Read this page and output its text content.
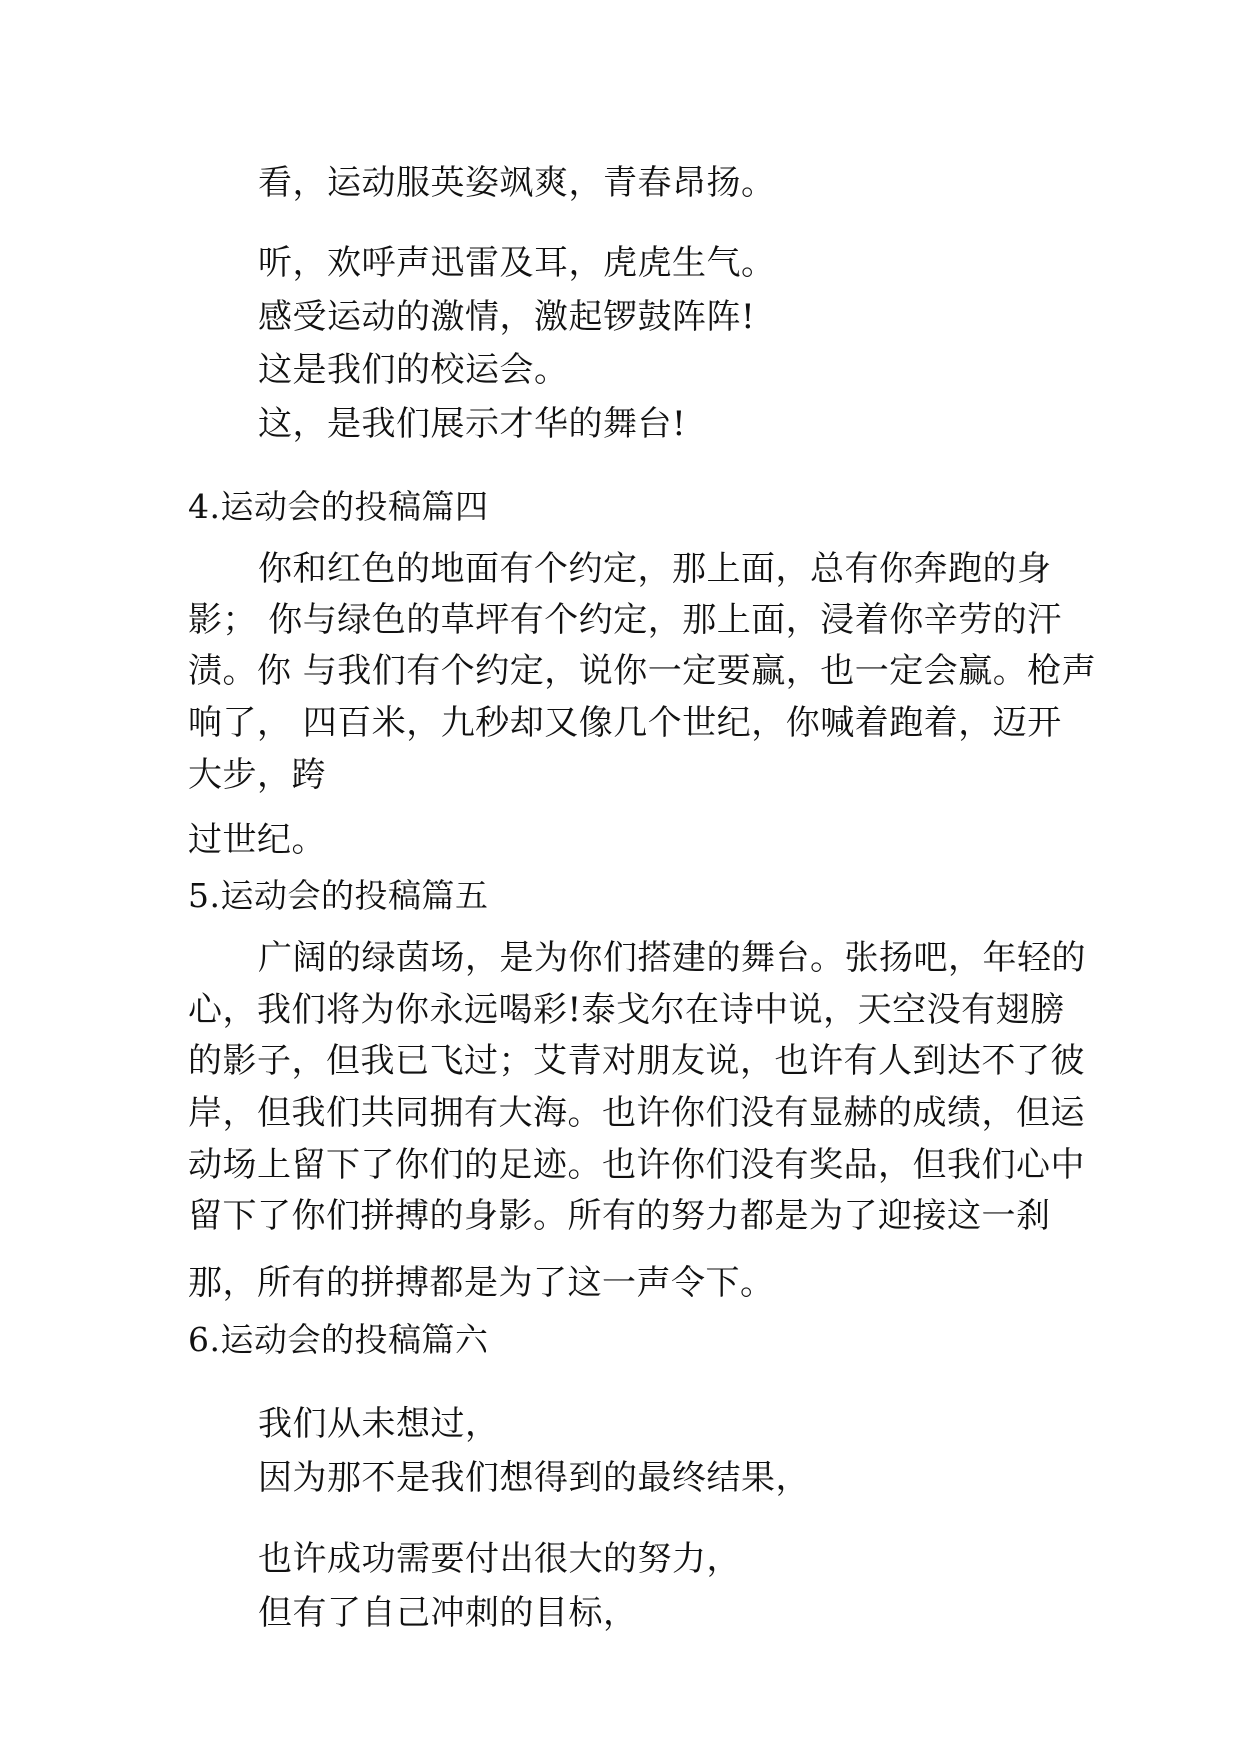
看，运动服英姿飒爽，青春昂扬。
听，欢呼声迅雷及耳，虎虎生气。
感受运动的激情，激起锣鼓阵阵!
这是我们的校运会。
这，是我们展示才华的舞台!
4.运动会的投稿篇四
你和红色的地面有个约定，那上面，总有你奔跑的身
影； 你与绿色的草坪有个约定，那上面，浸着你辛劳的汗
渍。你 与我们有个约定，说你一定要赢，也一定会赢。枪声
响了， 四百米，九秒却又像几个世纪，你喊着跑着，迈开
大步，跨
过世纪。
5.运动会的投稿篇五
广阔的绿茵场，是为你们搭建的舞台。张扬吧，年轻的
心，我们将为你永远喝彩!泰戈尔在诗中说，天空没有翅膀
的影子，但我已飞过；艾青对朋友说，也许有人到达不了彼
岸，但我们共同拥有大海。也许你们没有显赫的成绩，但运
动场上留下了你们的足迹。也许你们没有奖品，但我们心中
留下了你们拼搏的身影。所有的努力都是为了迎接这一刹
那，所有的拼搏都是为了这一声令下。
6.运动会的投稿篇六
我们从未想过，
因为那不是我们想得到的最终结果，
也许成功需要付出很大的努力，
但有了自己冲刺的目标，
